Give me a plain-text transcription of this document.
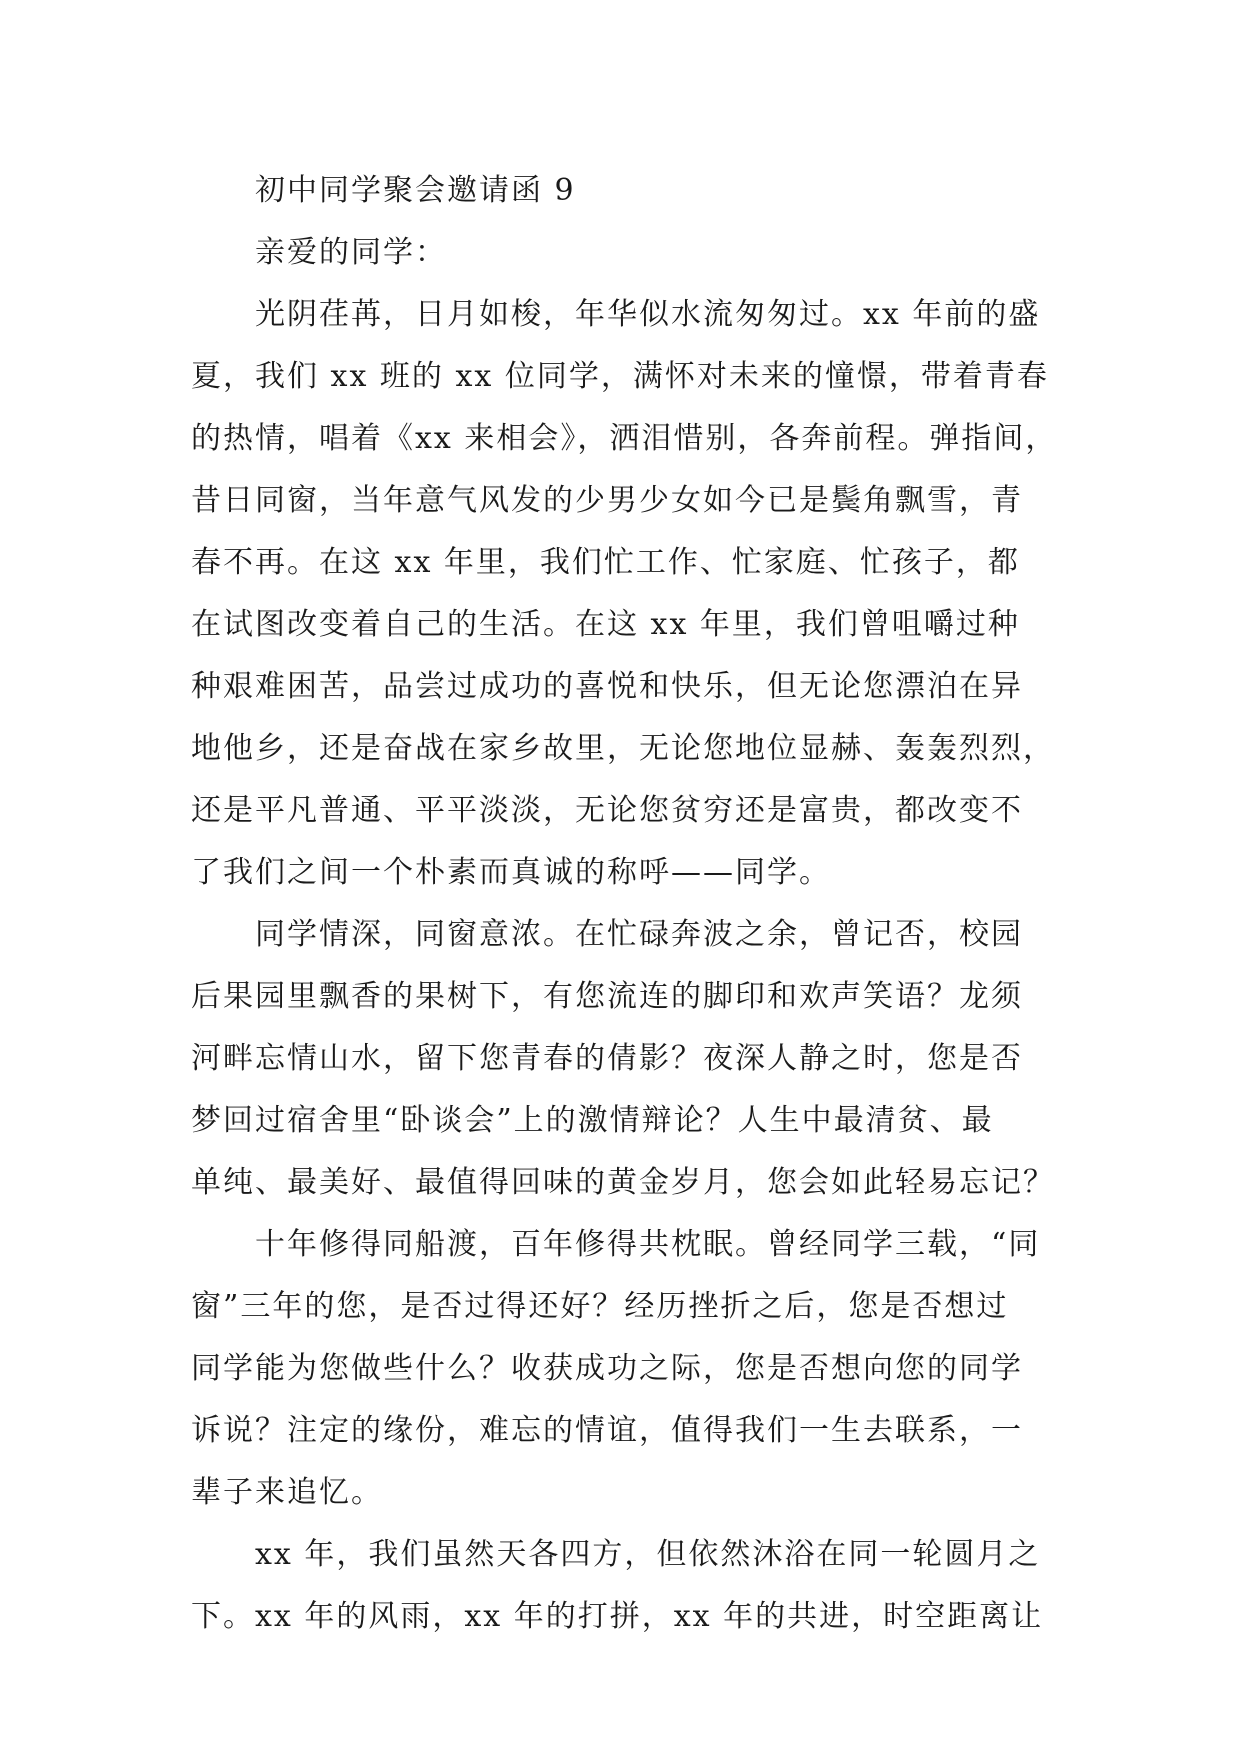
初中同学聚会邀请函 9
亲爱的同学：
光阴荏苒，日月如梭，年华似水流匆匆过。xx 年前的盛
夏，我们 xx 班的 xx 位同学，满怀对未来的憧憬，带着青春
的热情，唱着《xx 来相会》，洒泪惜别，各奔前程。弹指间，
昔日同窗，当年意气风发的少男少女如今已是鬓角飘雪，青
春不再。在这 xx 年里，我们忙工作、忙家庭、忙孩子，都
在试图改变着自己的生活。在这 xx 年里，我们曾咀嚼过种
种艰难困苦，品尝过成功的喜悦和快乐，但无论您漂泊在异
地他乡，还是奋战在家乡故里，无论您地位显赫、轰轰烈烈，
还是平凡普通、平平淡淡，无论您贫穷还是富贵，都改变不
了我们之间一个朴素而真诚的称呼——同学。
同学情深，同窗意浓。在忙碌奔波之余，曾记否，校园
后果园里飘香的果树下，有您流连的脚印和欢声笑语？龙须
河畔忘情山水，留下您青春的倩影？夜深人静之时，您是否
梦回过宿舍里“卧谈会”上的激情辩论？人生中最清贫、最
单纯、最美好、最值得回味的黄金岁月，您会如此轻易忘记？
十年修得同船渡，百年修得共枕眠。曾经同学三载，“同
窗”三年的您，是否过得还好？经历挫折之后，您是否想过
同学能为您做些什么？收获成功之际，您是否想向您的同学
诉说？注定的缘份，难忘的情谊，值得我们一生去联系，一
辈子来追忆。
xx 年，我们虽然天各四方，但依然沐浴在同一轮圆月之
下。xx 年的风雨，xx 年的打拼，xx 年的共进，时空距离让
